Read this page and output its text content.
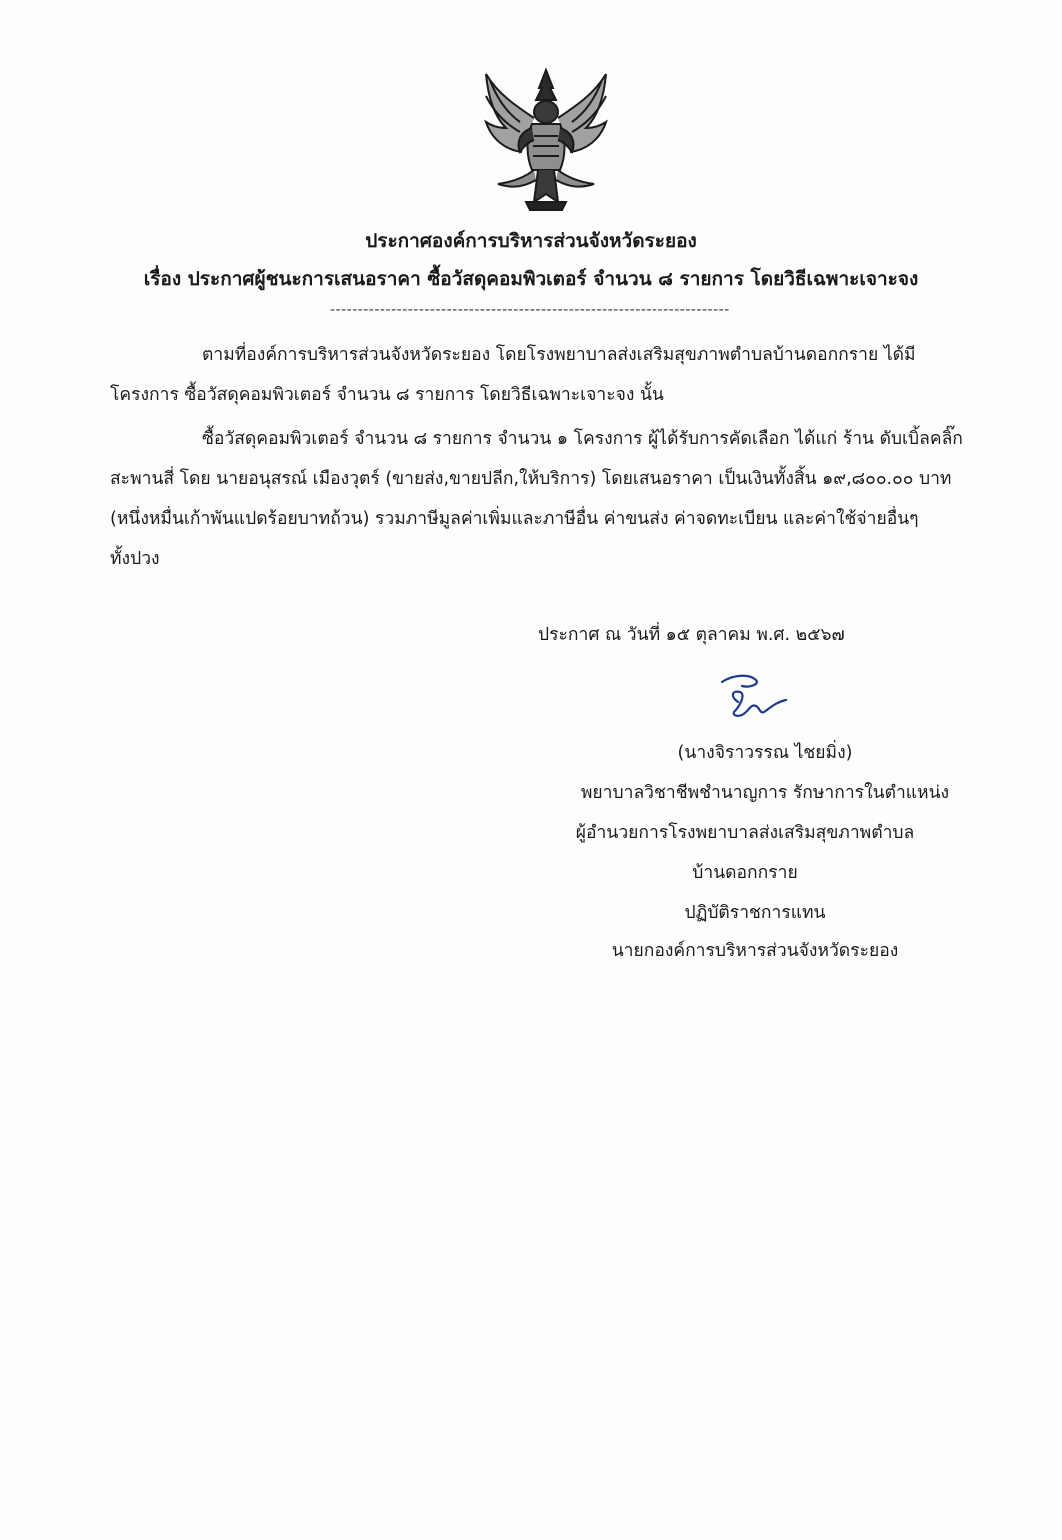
ประกาศองค์การบริหารส่วนจังหวัดระยอง
เรื่อง ประกาศผู้ชนะการเสนอราคา ซื้อวัสดุคอมพิวเตอร์ จำนวน ๘ รายการ โดยวิธีเฉพาะเจาะจง
------------------------------------------------------------------------
ตามที่องค์การบริหารส่วนจังหวัดระยอง โดยโรงพยาบาลส่งเสริมสุขภาพตำบลบ้านดอกกราย ได้มี
โครงการ ซื้อวัสดุคอมพิวเตอร์ จำนวน ๘ รายการ โดยวิธีเฉพาะเจาะจง นั้น
ซื้อวัสดุคอมพิวเตอร์ จำนวน ๘ รายการ จำนวน ๑ โครงการ ผู้ได้รับการคัดเลือก ได้แก่ ร้าน ดับเบิ้ลคลิ๊ก
สะพานสี่ โดย นายอนุสรณ์ เมืองวุตร์ (ขายส่ง,ขายปลีก,ให้บริการ) โดยเสนอราคา เป็นเงินทั้งสิ้น ๑๙,๘๐๐.๐๐ บาท
(หนึ่งหมื่นเก้าพันแปดร้อยบาทถ้วน) รวมภาษีมูลค่าเพิ่มและภาษีอื่น ค่าขนส่ง ค่าจดทะเบียน และค่าใช้จ่ายอื่นๆ
ทั้งปวง
ประกาศ ณ วันที่ ๑๕ ตุลาคม พ.ศ. ๒๕๖๗
(นางจิราวรรณ ไชยมิ่ง)
พยาบาลวิชาชีพชำนาญการ รักษาการในตำแหน่ง
ผู้อำนวยการโรงพยาบาลส่งเสริมสุขภาพตำบล
บ้านดอกกราย
ปฏิบัติราชการแทน
นายกองค์การบริหารส่วนจังหวัดระยอง
